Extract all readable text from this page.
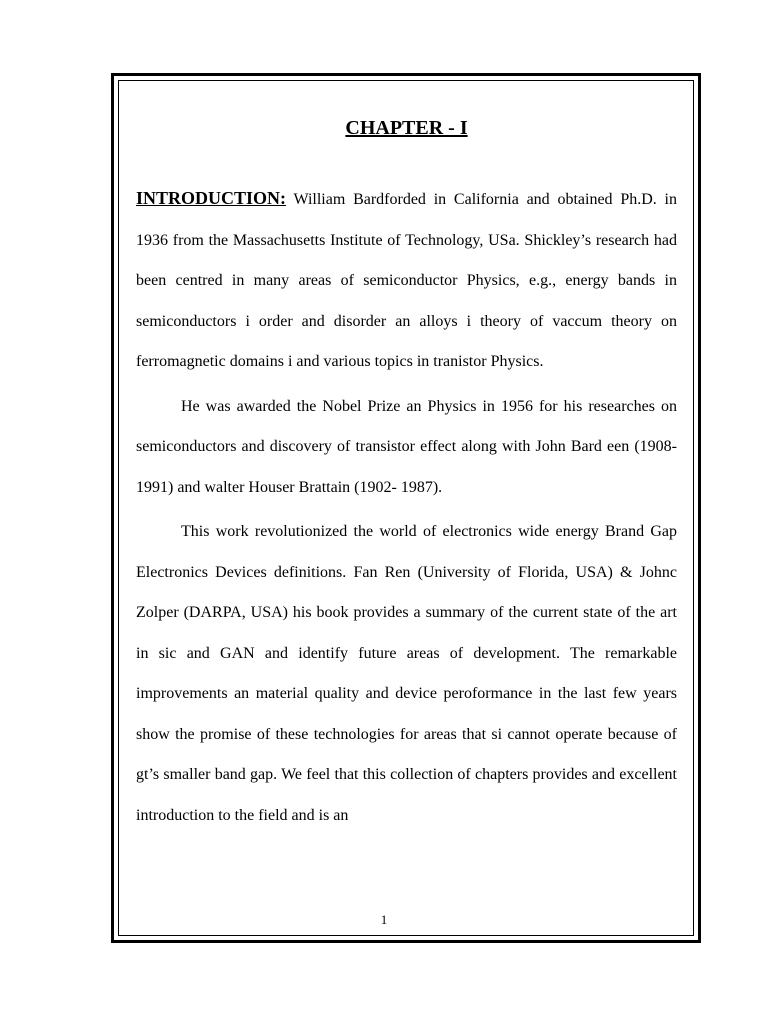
CHAPTER - I

INTRODUCTION: William Bardforded in California and obtained Ph.D. in 1936 from the Massachusetts Institute of Technology, USa. Shickley’s research had been centred in many areas of semiconductor Physics, e.g., energy bands in semiconductors i order and disorder an alloys i theory of vaccum theory on ferromagnetic domains i and various topics in tranistor Physics.

He was awarded the Nobel Prize an Physics in 1956 for his researches on semiconductors and discovery of transistor effect along with John Bard een (1908- 1991) and walter Houser Brattain (1902- 1987).

This work revolutionized the world of electronics wide energy Brand Gap Electronics Devices definitions. Fan Ren (University of Florida, USA) & Johnc Zolper (DARPA, USA) his book provides a summary of the current state of the art in sic and GAN and identify future areas of development. The remarkable improvements an material quality and device peroformance in the last few years show the promise of these technologies for areas that si cannot operate because of gt’s smaller band gap. We feel that this collection of chapters provides and excellent introduction to the field and is an

1
